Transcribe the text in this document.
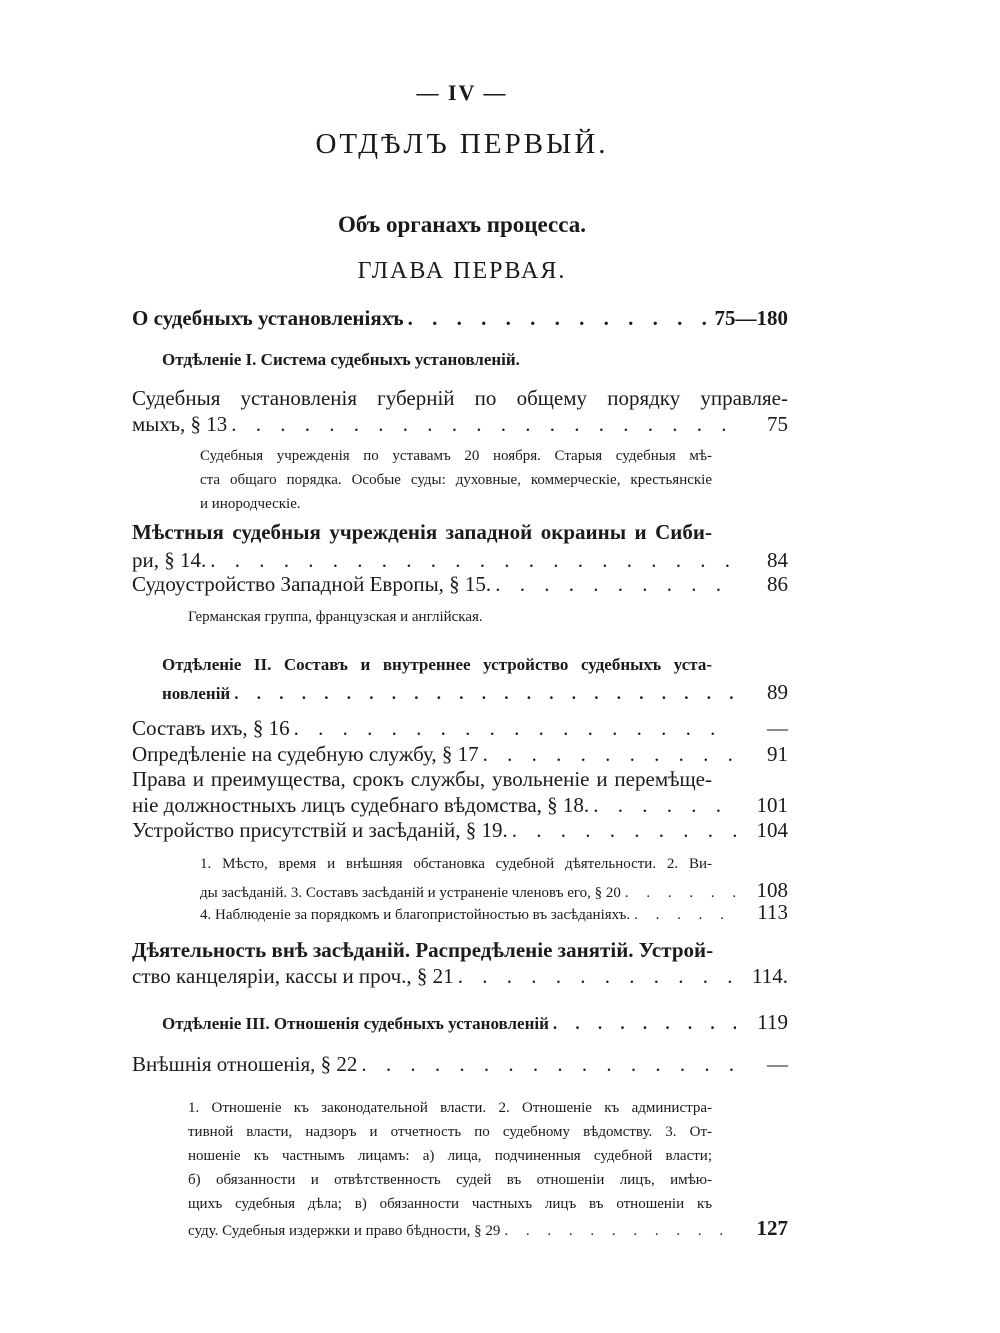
— IV —
ОТДѢЛЪ ПЕРВЫЙ.
Объ органахъ процесса.
ГЛАВА ПЕРВАЯ.
О судебныхъ установленіяхъ . . .	75—180
Отдѣленіе I. Система судебныхъ установленій.
Судебныя установленія губерній по общему порядку управляе-
мыхъ, § 13 . . .	75
Судебныя учрежденія по уставамъ 20 ноября. Старыя судебныя мѣ-
ста общаго порядка. Особые суды: духовные, коммерческіе, крестьянскіе
и инородческіе.
Мѣстныя судебныя учрежденія западной окраины и Сиби-
ри, § 14. . . .	84
Судоустройство Западной Европы, § 15. . . .	86
Германская группа, французская и англійская.
Отдѣленіе II. Составъ и внутреннее устройство судебныхъ уста-
новленій . . .	89
Составъ ихъ, § 16 . . .	—
Опредѣленіе на судебную службу, § 17 . . .	91
Права и преимущества, срокъ службы, увольненіе и перемѣще-
ніе должностныхъ лицъ судебнаго вѣдомства, § 18. . . .	101
Устройство присутствій и засѣданій, § 19. . . .	104
1. Мѣсто, время и внѣшняя обстановка судебной дѣятельности. 2. Ви-
ды засѣданій. 3. Составъ засѣданій и устраненіе членовъ его, § 20 . . .	108
4. Наблюденіе за порядкомъ и благопристойностью въ засѣданіяхъ. . . .	113
Дѣятельность внѣ засѣданій. Распредѣленіе занятій. Устрой-
ство канцеляріи, кассы и проч., § 21 . . .	114.
Отдѣленіе III. Отношенія судебныхъ установленій . . .	119
Внѣшнія отношенія, § 22 . . .	—
1. Отношеніе къ законодательной власти. 2. Отношеніе къ администра-
тивной власти, надзоръ и отчетность по судебному вѣдомству. 3. От-
ношеніе къ частнымъ лицамъ: а) лица, подчиненныя судебной власти;
б) обязанности и отвѣтственность судей въ отношеніи лицъ, имѣю-
щихъ судебныя дѣла; в) обязанности частныхъ лицъ въ отношеніи къ
суду. Судебныя издержки и право бѣдности, § 29 . . .	127
